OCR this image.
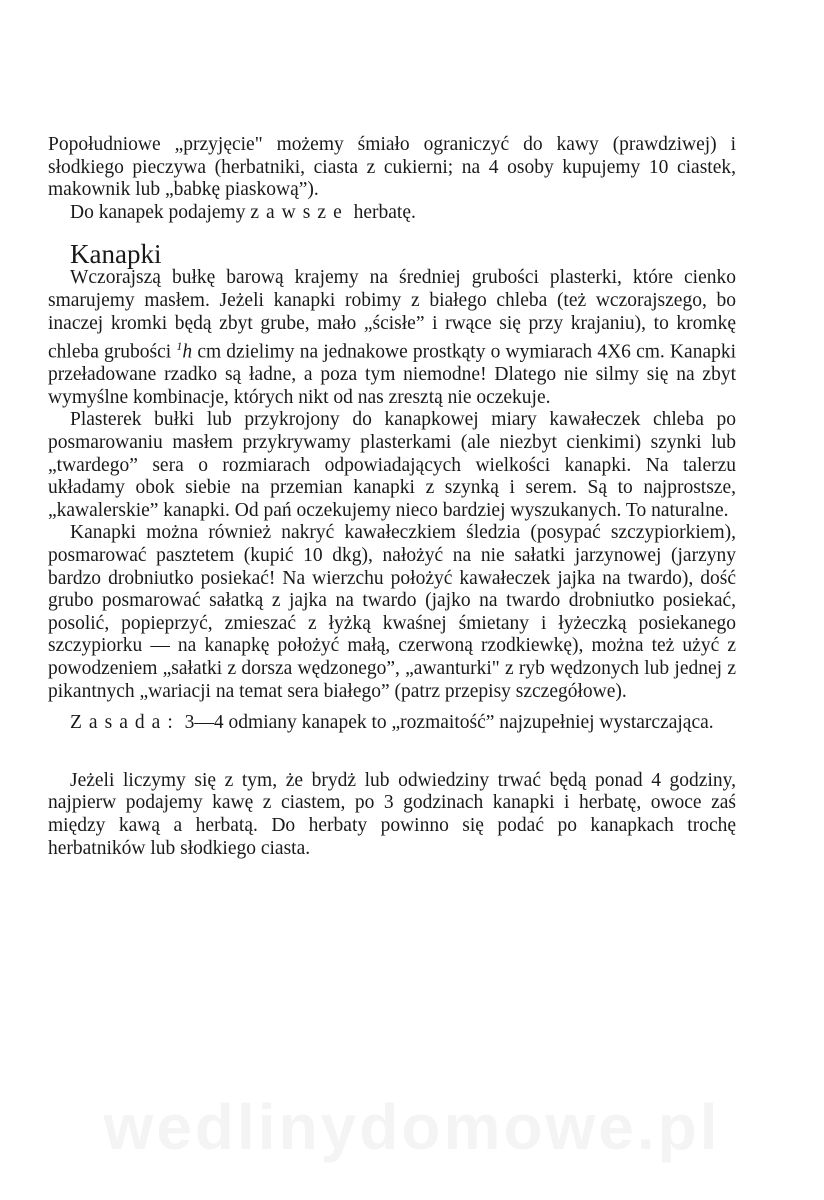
Popołudniowe „przyjęcie" możemy śmiało ograniczyć do kawy (prawdziwej) i słodkiego pieczywa (herbatniki, ciasta z cukierni; na 4 osoby kupujemy 10 ciastek, makownik lub „babkę piaskową”).

Do kanapek podajemy zawsze herbatę.

Kanapki

Wczorajszą bułkę barową krajemy na średniej grubości plasterki, które cienko smarujemy masłem. Jeżeli kanapki robimy z białego chleba (też wczorajszego, bo inaczej kromki będą zbyt grube, mało „ścisłe” i rwące się przy krajaniu), to kromkę chleba grubości $^1$h cm dzielimy na jednakowe prostkąty o wymiarach 4X6 cm. Kanapki przeładowane rzadko są ładne, a poza tym niemodne! Dlatego nie silmy się na zbyt wymyślne kombinacje, których nikt od nas zresztą nie oczekuje.

Plasterek bułki lub przykrojony do kanapkowej miary kawałeczek chleba po posmarowaniu masłem przykrywamy plasterkami (ale niezbyt cienkimi) szynki lub „twardego” sera o rozmiarach odpowiadających wielkości kanapki. Na talerzu układamy obok siebie na przemian kanapki z szynką i serem. Są to najprostsze, „kawalerskie” kanapki. Od pań oczekujemy nieco bardziej wyszukanych. To naturalne.

Kanapki można również nakryć kawałeczkiem śledzia (posypać szczypiorkiem), posmarować pasztetem (kupić 10 dkg), nałożyć na nie sałatki jarzynowej (jarzyny bardzo drobniutko posiekać! Na wierzchu położyć kawałeczek jajka na twardo), dość grubo posmarować sałatką z jajka na twardo (jajko na twardo drobniutko posiekać, posolić, popieprzyć, zmieszać z łyżką kwaśnej śmietany i łyżeczką posiekanego szczypiorku — na kanapkę położyć małą, czerwoną rzodkiewkę), można też użyć z powodzeniem „sałatki z dorsza wędzonego”, „awanturki" z ryb wędzonych lub jednej z pikantnych „wariacji na temat sera białego” (patrz przepisy szczegółowe).

Zasada: 3—4 odmiany kanapek to „rozmaitość” najzupełniej wystarczająca.

Jeżeli liczymy się z tym, że brydż lub odwiedziny trwać będą ponad 4 godziny, najpierw podajemy kawę z ciastem, po 3 godzinach kanapki i herbatę, owoce zaś między kawą a herbatą. Do herbaty powinno się podać po kanapkach trochę herbatników lub słodkiego ciasta.

wedlinydomowe.pl
